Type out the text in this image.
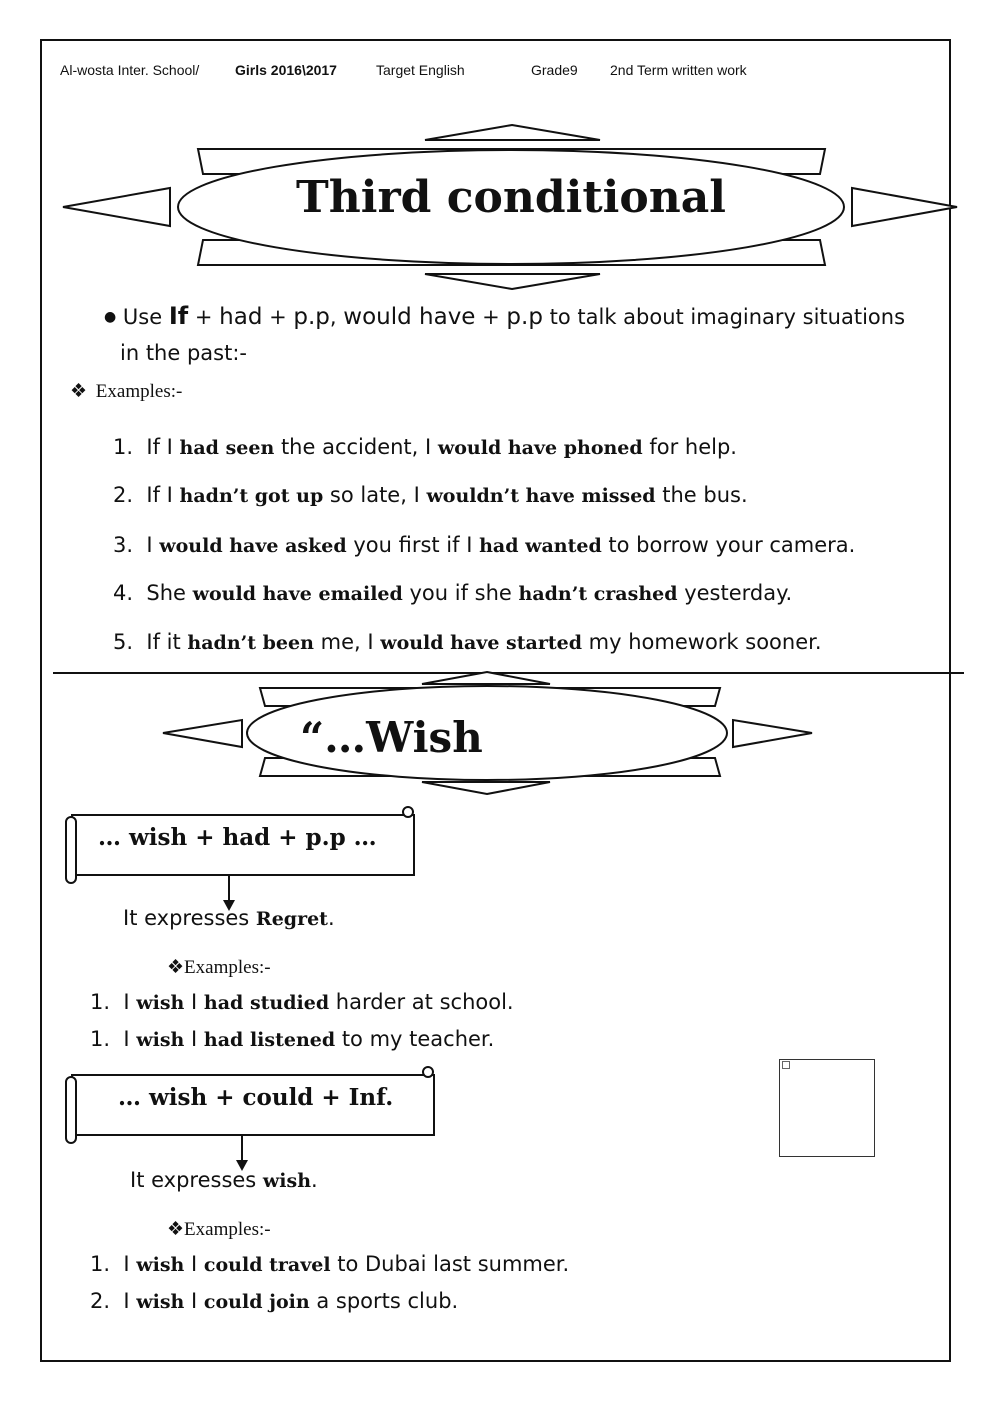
Al-wosta Inter. School/	Girls 2016\2017	Target English	Grade9 2nd Term written work
Third conditional
● Use If + had + p.p, would have + p.p to talk about imaginary situations
in the past:-
❖ Examples:-
1. If I had seen the accident, I would have phoned for help.
2. If I hadn’t got up so late, I wouldn’t have missed the bus.
3. I would have asked you first if I had wanted to borrow your camera.
4. She would have emailed you if she hadn’t crashed yesterday.
5. If it hadn’t been me, I would have started my homework sooner.
“…Wish
… wish + had + p.p …
It expresses Regret.
❖Examples:-
1. I wish I had studied harder at school.
1. I wish I had listened to my teacher.
… wish + could + Inf.
It expresses wish.
❖Examples:-
1. I wish I could travel to Dubai last summer.
2. I wish I could join a sports club.
